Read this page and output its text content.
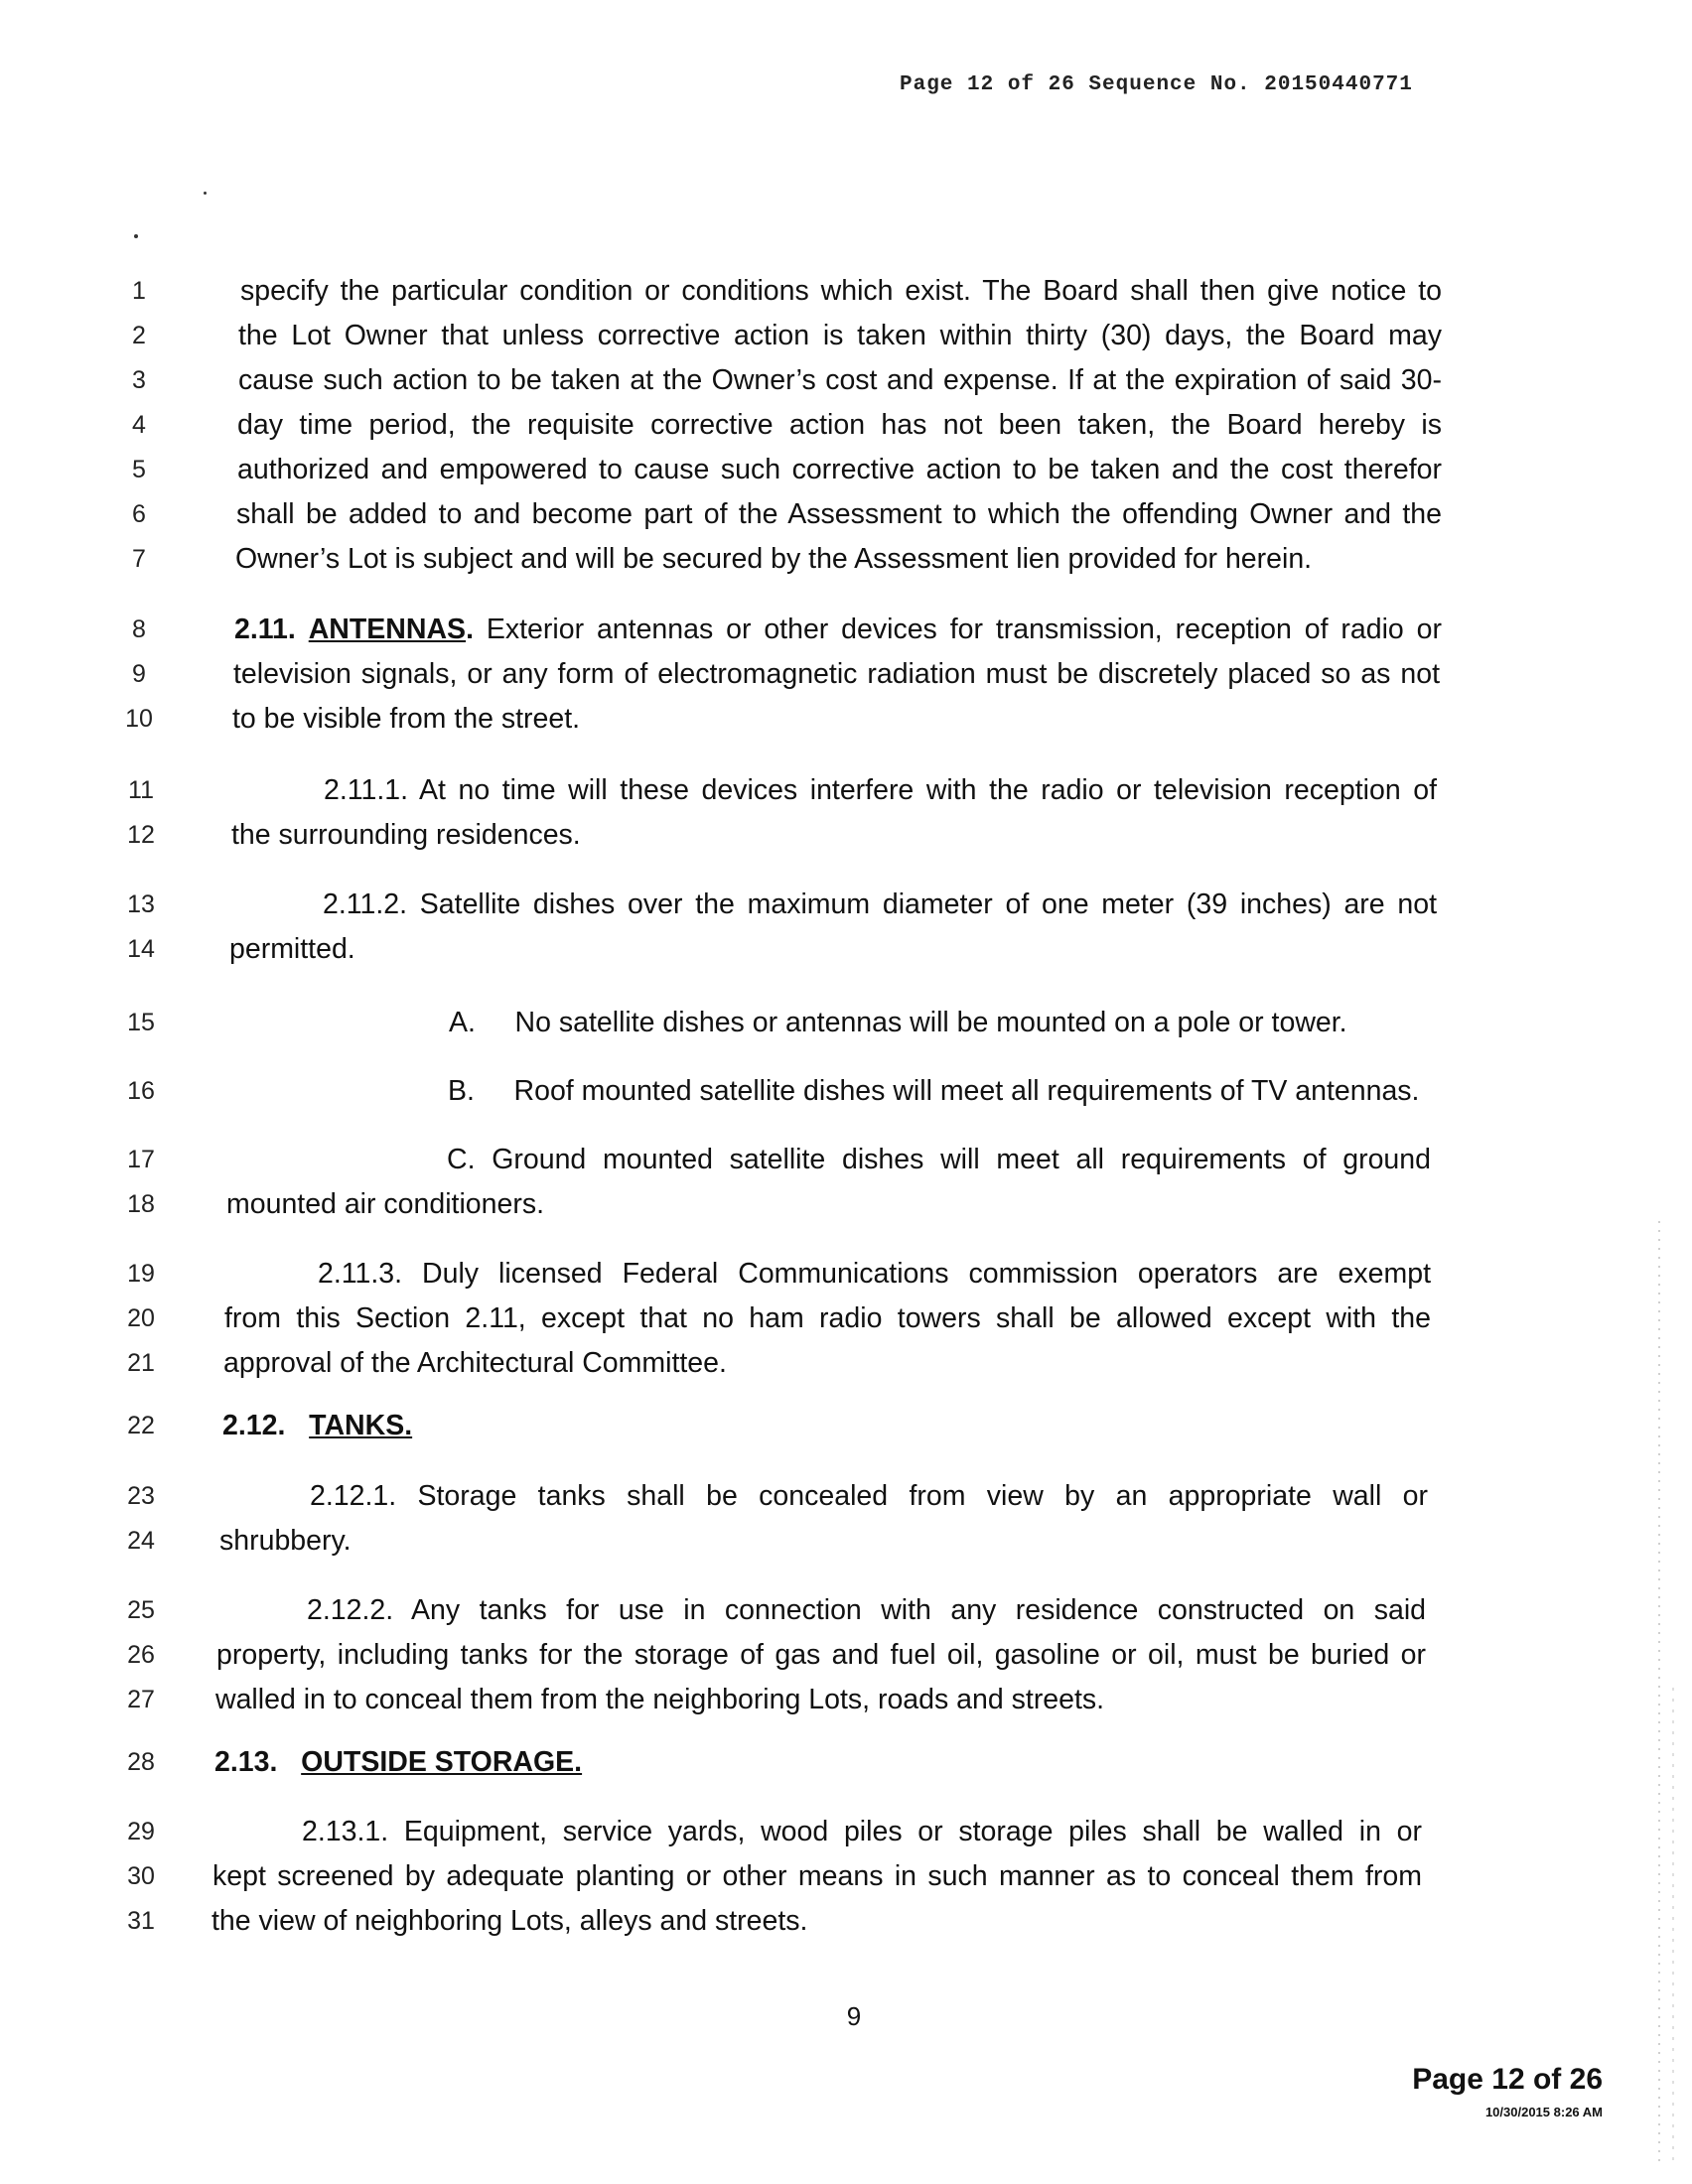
Page 12 of 26 Sequence No. 20150440771
1	specify the particular condition or conditions which exist. The Board shall then give notice to
2	the Lot Owner that unless corrective action is taken within thirty (30) days, the Board may
3	cause such action to be taken at the Owner’s cost and expense. If at the expiration of said 30-
4	day time period, the requisite corrective action has not been taken, the Board hereby is
5	authorized and empowered to cause such corrective action to be taken and the cost therefor
6	shall be added to and become part of the Assessment to which the offending Owner and the
7	Owner’s Lot is subject and will be secured by the Assessment lien provided for herein.
8	2.11. ANTENNAS. Exterior antennas or other devices for transmission, reception of radio or
9	television signals, or any form of electromagnetic radiation must be discretely placed so as not
10	to be visible from the street.
11	2.11.1. At no time will these devices interfere with the radio or television reception of
12	the surrounding residences.
13	2.11.2. Satellite dishes over the maximum diameter of one meter (39 inches) are not
14	permitted.
15	A.     No satellite dishes or antennas will be mounted on a pole or tower.
16	B.     Roof mounted satellite dishes will meet all requirements of TV antennas.
17	C. Ground mounted satellite dishes will meet all requirements of ground
18	mounted air conditioners.
19	2.11.3. Duly licensed Federal Communications commission operators are exempt
20	from this Section 2.11, except that no ham radio towers shall be allowed except with the
21	approval of the Architectural Committee.
22	2.12. TANKS.
23	2.12.1. Storage tanks shall be concealed from view by an appropriate wall or
24	shrubbery.
25	2.12.2. Any tanks for use in connection with any residence constructed on said
26	property, including tanks for the storage of gas and fuel oil, gasoline or oil, must be buried or
27	walled in to conceal them from the neighboring Lots, roads and streets.
28	2.13. OUTSIDE STORAGE.
29	2.13.1. Equipment, service yards, wood piles or storage piles shall be walled in or
30	kept screened by adequate planting or other means in such manner as to conceal them from
31	the view of neighboring Lots, alleys and streets.
9
Page 12 of 26
10/30/2015 8:26 AM
